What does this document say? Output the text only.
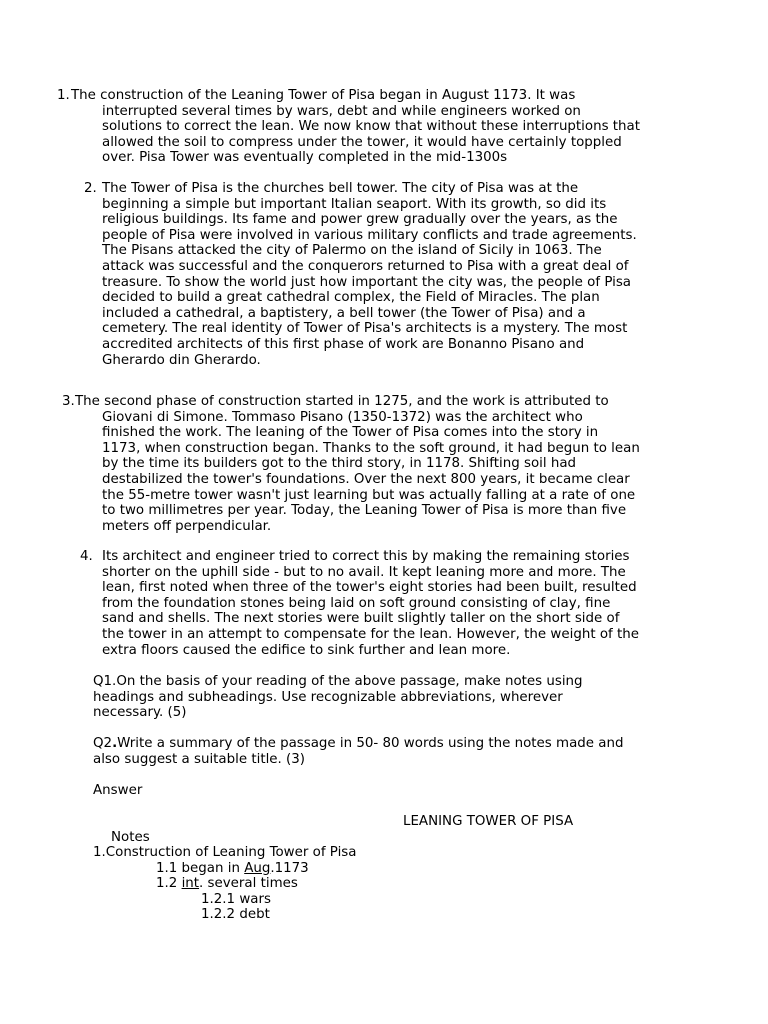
1. The construction of the Leaning Tower of Pisa began in August 1173. It was
interrupted several times by wars, debt and while engineers worked on
solutions to correct the lean. We now know that without these interruptions that
allowed the soil to compress under the tower, it would have certainly toppled
over. Pisa Tower was eventually completed in the mid-1300s
2. The Tower of Pisa is the churches bell tower. The city of Pisa was at the
beginning a simple but important Italian seaport. With its growth, so did its
religious buildings. Its fame and power grew gradually over the years, as the
people of Pisa were involved in various military conflicts and trade agreements.
The Pisans attacked the city of Palermo on the island of Sicily in 1063. The
attack was successful and the conquerors returned to Pisa with a great deal of
treasure. To show the world just how important the city was, the people of Pisa
decided to build a great cathedral complex, the Field of Miracles. The plan
included a cathedral, a baptistery, a bell tower (the Tower of Pisa) and a
cemetery. The real identity of Tower of Pisa's architects is a mystery. The most
accredited architects of this first phase of work are Bonanno Pisano and
Gherardo din Gherardo.
3. The second phase of construction started in 1275, and the work is attributed to
Giovani di Simone. Tommaso Pisano (1350-1372) was the architect who
finished the work. The leaning of the Tower of Pisa comes into the story in
1173, when construction began. Thanks to the soft ground, it had begun to lean
by the time its builders got to the third story, in 1178. Shifting soil had
destabilized the tower's foundations. Over the next 800 years, it became clear
the 55-metre tower wasn't just learning but was actually falling at a rate of one
to two millimetres per year. Today, the Leaning Tower of Pisa is more than five
meters off perpendicular.
4. Its architect and engineer tried to correct this by making the remaining stories
shorter on the uphill side - but to no avail. It kept leaning more and more. The
lean, first noted when three of the tower's eight stories had been built, resulted
from the foundation stones being laid on soft ground consisting of clay, fine
sand and shells. The next stories were built slightly taller on the short side of
the tower in an attempt to compensate for the lean. However, the weight of the
extra floors caused the edifice to sink further and lean more.
Q1.On the basis of your reading of the above passage, make notes using
headings and subheadings. Use recognizable abbreviations, wherever
necessary. (5)
Q2.Write a summary of the passage in 50- 80 words using the notes made and
also suggest a suitable title. (3)

Answer

LEANING TOWER OF PISA

Notes

1.Construction of Leaning Tower of Pisa

1.1 began in Aug.1173

1.2 int. several times

1.2.1 wars

1.2.2 debt
